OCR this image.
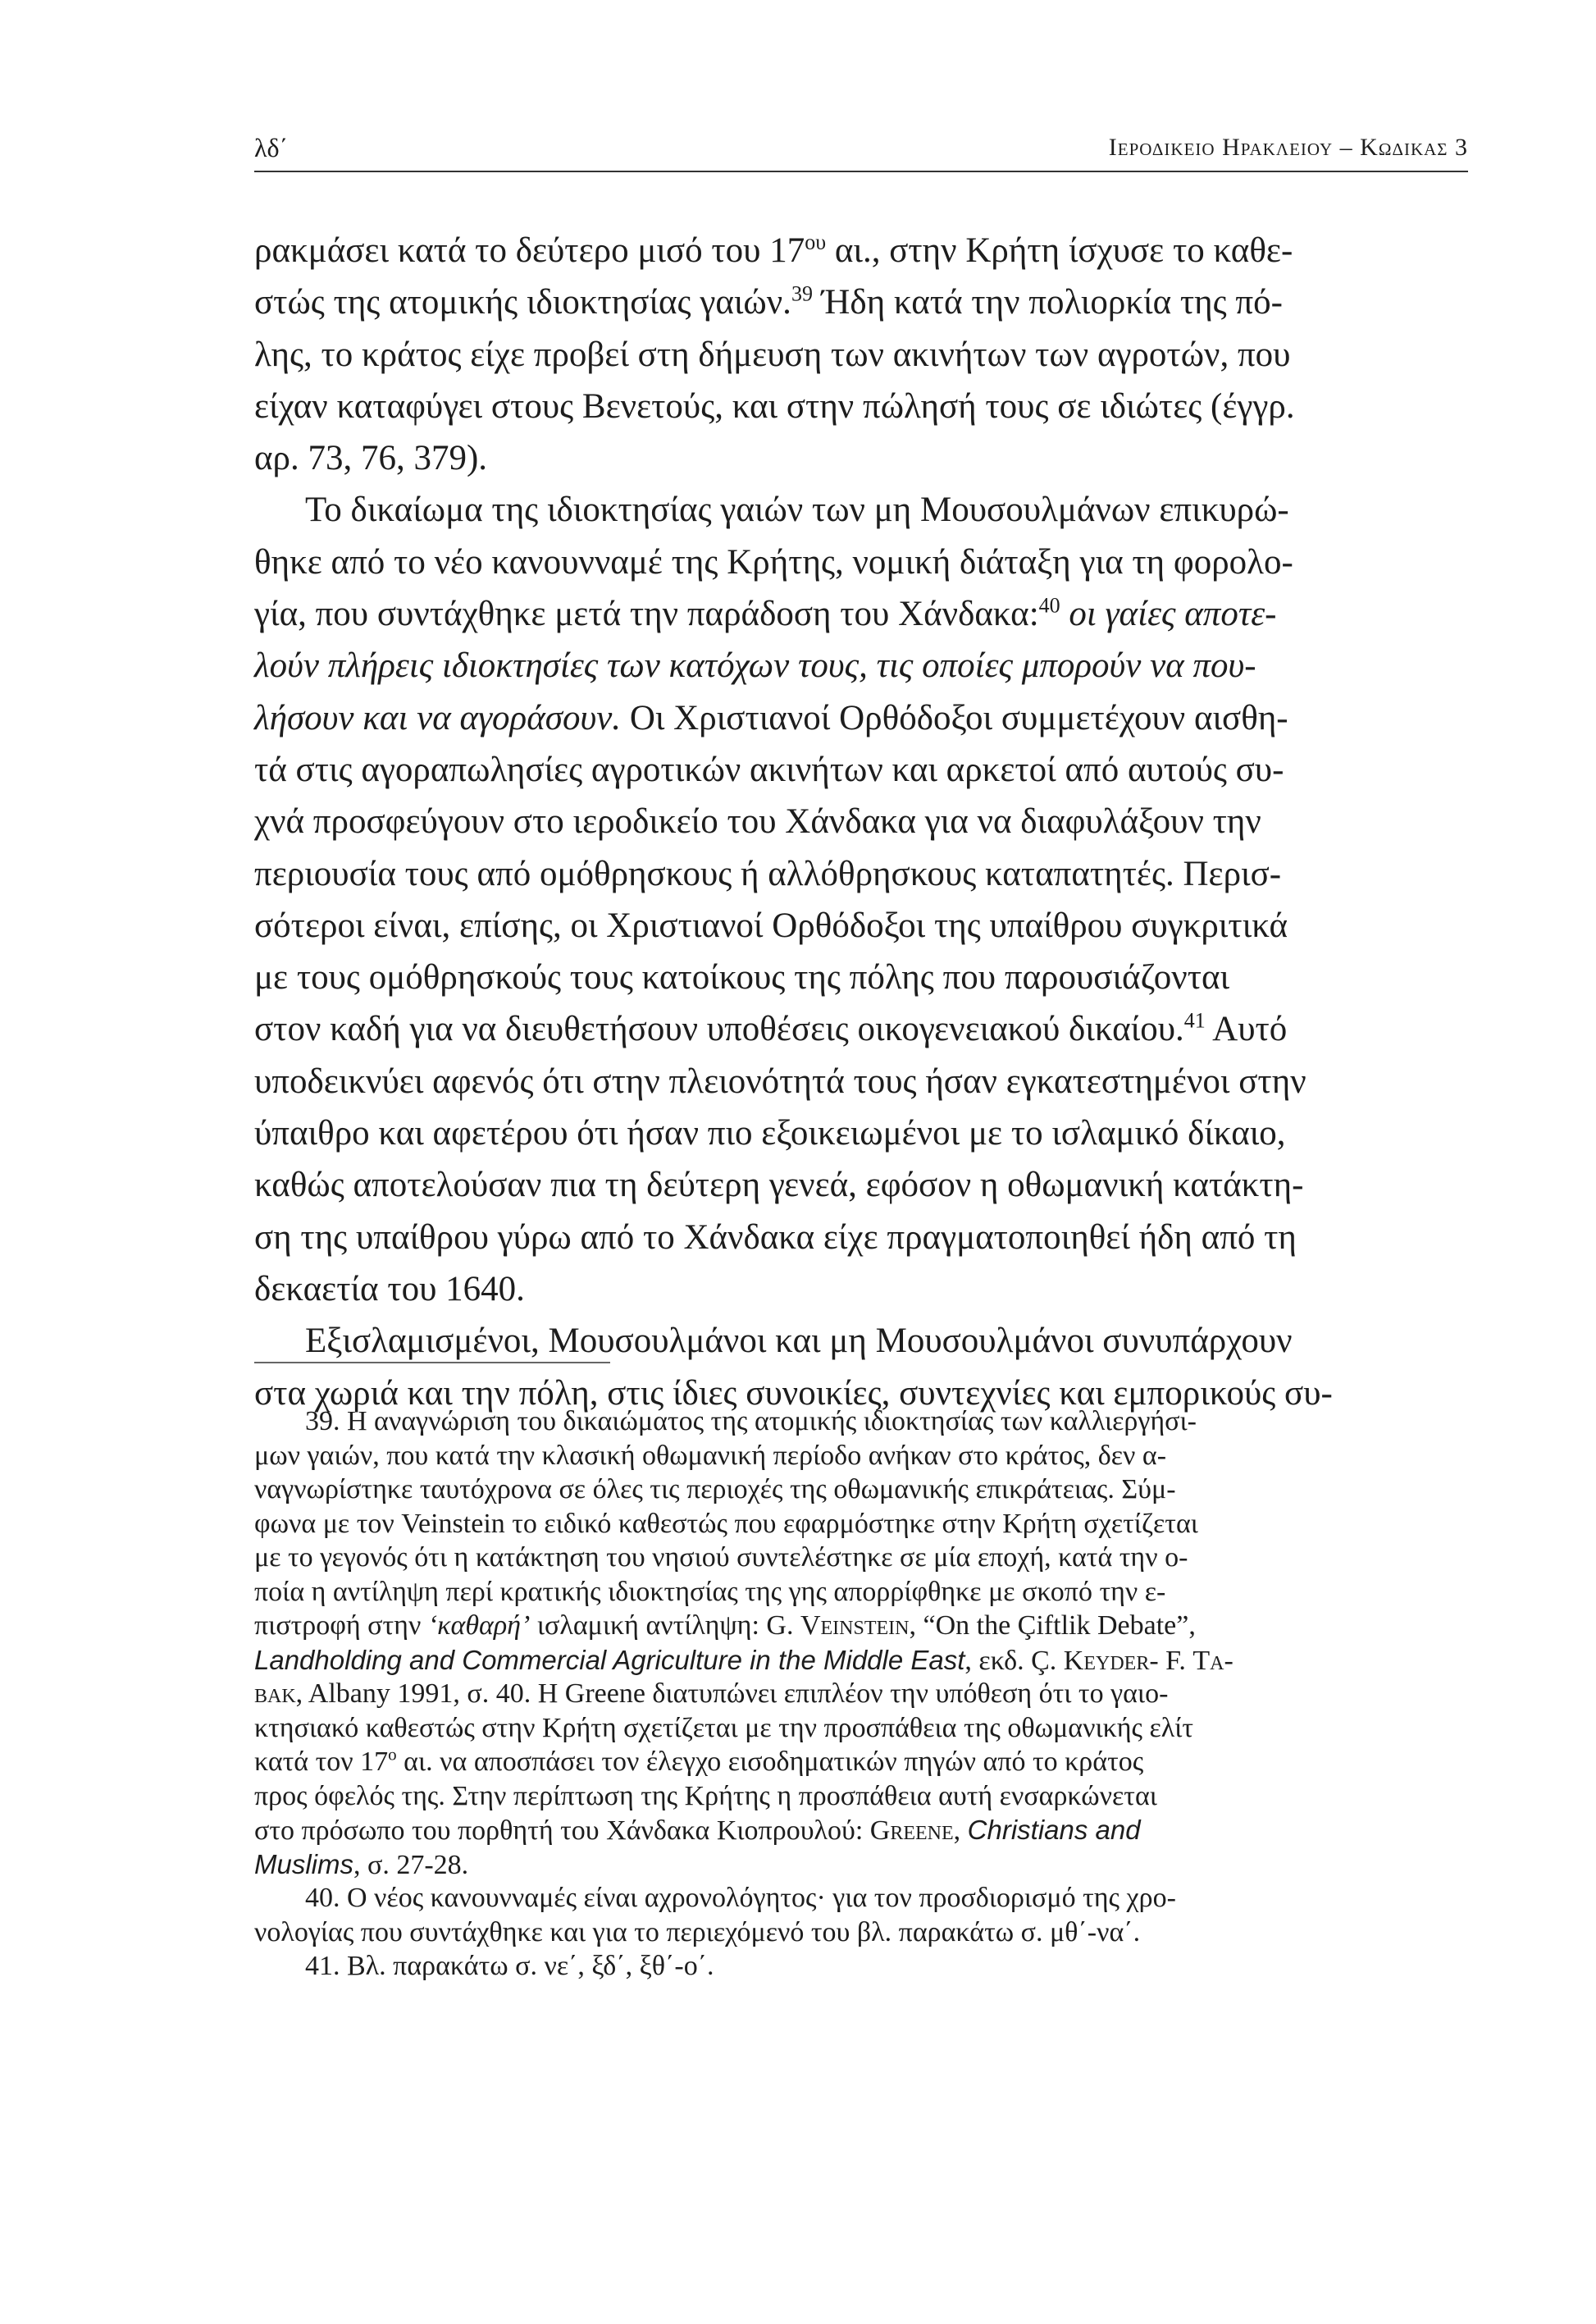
λδ΄	Ιεροδικειο Ηρακλειου – Κωδικας 3
ρακμάσει κατά το δεύτερο μισό του $17^{o\upsilon}$ αι., στην Κρήτη ίσχυσε το καθε-
στώς της ατομικής ιδιοκτησίας γαιών.$^{39}$ Ήδη κατά την πολιορκία της πό-
λης, το κράτος είχε προβεί στη δήμευση των ακινήτων των αγροτών, που
είχαν καταφύγει στους Βενετούς, και στην πώλησή τους σε ιδιώτες (έγγρ.
αρ. 73, 76, 379).
Το δικαίωμα της ιδιοκτησίας γαιών των μη Μουσουλμάνων επικυρώ-
θηκε από το νέο κανουνναμέ της Κρήτης, νομική διάταξη για τη φορολο-
γία, που συντάχθηκε μετά την παράδοση του Χάνδακα:$^{40}$ οι γαίες αποτε-
λούν πλήρεις ιδιοκτησίες των κατόχων τους, τις οποίες μπορούν να που-
λήσουν και να αγοράσουν. Οι Χριστιανοί Ορθόδοξοι συμμετέχουν αισθη-
τά στις αγοραπωλησίες αγροτικών ακινήτων και αρκετοί από αυτούς συ-
χνά προσφεύγουν στο ιεροδικείο του Χάνδακα για να διαφυλάξουν την
περιουσία τους από ομόθρησκους ή αλλόθρησκους καταπατητές. Περισ-
σότεροι είναι, επίσης, οι Χριστιανοί Ορθόδοξοι της υπαίθρου συγκριτικά
με τους ομόθρησκούς τους κατοίκους της πόλης που παρουσιάζονται
στον καδή για να διευθετήσουν υποθέσεις οικογενειακού δικαίου.$^{41}$ Αυτό
υποδεικνύει αφενός ότι στην πλειονότητά τους ήσαν εγκατεστημένοι στην
ύπαιθρο και αφετέρου ότι ήσαν πιο εξοικειωμένοι με το ισλαμικό δίκαιο,
καθώς αποτελούσαν πια τη δεύτερη γενεά, εφόσον η οθωμανική κατάκτη-
ση της υπαίθρου γύρω από το Χάνδακα είχε πραγματοποιηθεί ήδη από τη
δεκαετία του 1640.
Εξισλαμισμένοι, Μουσουλμάνοι και μη Μουσουλμάνοι συνυπάρχουν
στα χωριά και την πόλη, στις ίδιες συνοικίες, συντεχνίες και εμπορικούς συ-
39. Η αναγνώριση του δικαιώματος της ατομικής ιδιοκτησίας των καλλιεργήσι-
μων γαιών, που κατά την κλασική οθωμανική περίοδο ανήκαν στο κράτος, δεν α-
ναγνωρίστηκε ταυτόχρονα σε όλες τις περιοχές της οθωμανικής επικράτειας. Σύμ-
φωνα με τον Veinstein το ειδικό καθεστώς που εφαρμόστηκε στην Κρήτη σχετίζεται
με το γεγονός ότι η κατάκτηση του νησιού συντελέστηκε σε μία εποχή, κατά την ο-
ποία η αντίληψη περί κρατικής ιδιοκτησίας της γης απορρίφθηκε με σκοπό την ε-
πιστροφή στην ‘καθαρή’ ισλαμική αντίληψη: G. Veinstein, “On the Çiftlik Debate”,
Landholding and Commercial Agriculture in the Middle East, εκδ. Ç. Keyder- F. Ta-
bak, Albany 1991, σ. 40. Η Greene διατυπώνει επιπλέον την υπόθεση ότι το γαιο-
κτησιακό καθεστώς στην Κρήτη σχετίζεται με την προσπάθεια της οθωμανικής ελίτ
κατά τον $17^o$ αι. να αποσπάσει τον έλεγχο εισοδηματικών πηγών από το κράτος
προς όφελός της. Στην περίπτωση της Κρήτης η προσπάθεια αυτή ενσαρκώνεται
στο πρόσωπο του πορθητή του Χάνδακα Κιοπρουλού: Greene, Christians and
Muslims, σ. 27-28.
40. Ο νέος κανουνναμές είναι αχρονολόγητος· για τον προσδιορισμό της χρο-
νολογίας που συντάχθηκε και για το περιεχόμενό του βλ. παρακάτω σ. μθ΄-να΄.
41. Βλ. παρακάτω σ. νε΄, ξδ΄, ξθ΄-ο΄.
